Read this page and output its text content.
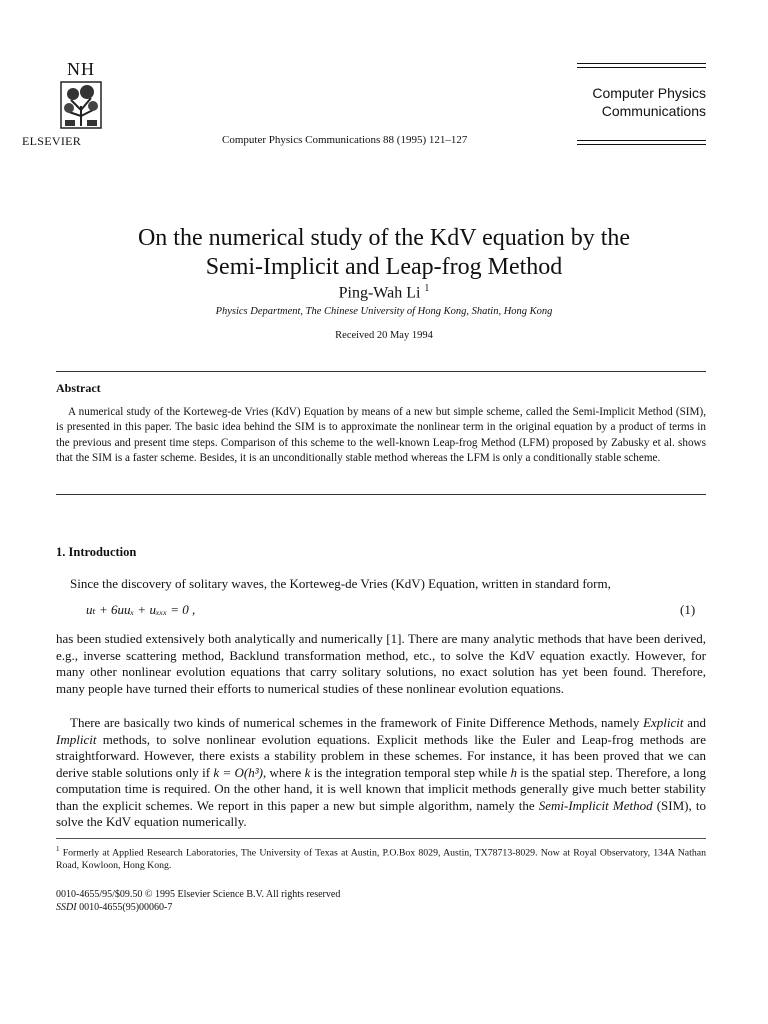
NH
ELSEVIER	Computer Physics Communications 88 (1995) 121–127
Computer Physics
Communications
On the numerical study of the KdV equation by the
Semi-Implicit and Leap-frog Method
Ping-Wah Li $^1$
Physics Department, The Chinese University of Hong Kong, Shatin, Hong Kong
Received 20 May 1994
Abstract
A numerical study of the Korteweg-de Vries (KdV) Equation by means of a new but simple scheme, called the Semi-Implicit Method (SIM), is presented in this paper. The basic idea behind the SIM is to approximate the nonlinear term in the original equation by a product of terms in the previous and present time steps. Comparison of this scheme to the well-known Leap-frog Method (LFM) proposed by Zabusky et al. shows that the SIM is a faster scheme. Besides, it is an unconditionally stable method whereas the LFM is only a conditionally stable scheme.
1. Introduction
Since the discovery of solitary waves, the Korteweg-de Vries (KdV) Equation, written in standard form,
uₜ + 6uuₓ + uₓₓₓ = 0 ,	(1)
has been studied extensively both analytically and numerically [1]. There are many analytic methods that have been derived, e.g., inverse scattering method, Backlund transformation method, etc., to solve the KdV equation exactly. However, for many other nonlinear evolution equations that carry solitary solutions, no exact solution has yet been found. Therefore, many people have turned their efforts to numerical studies of these nonlinear evolution equations.
There are basically two kinds of numerical schemes in the framework of Finite Difference Methods, namely Explicit and Implicit methods, to solve nonlinear evolution equations. Explicit methods like the Euler and Leap-frog methods are straightforward. However, there exists a stability problem in these schemes. For instance, it has been proved that we can derive stable solutions only if k = O(h³), where k is the integration temporal step while h is the spatial step. Therefore, a long computation time is required. On the other hand, it is well known that implicit methods generally give much better stability than the explicit schemes. We report in this paper a new but simple algorithm, namely the Semi-Implicit Method (SIM), to solve the KdV equation numerically.
$^1$ Formerly at Applied Research Laboratories, The University of Texas at Austin, P.O.Box 8029, Austin, TX78713-8029. Now at Royal Observatory, 134A Nathan Road, Kowloon, Hong Kong.
0010-4655/95/$09.50 © 1995 Elsevier Science B.V. All rights reserved
SSDI 0010-4655(95)00060-7
